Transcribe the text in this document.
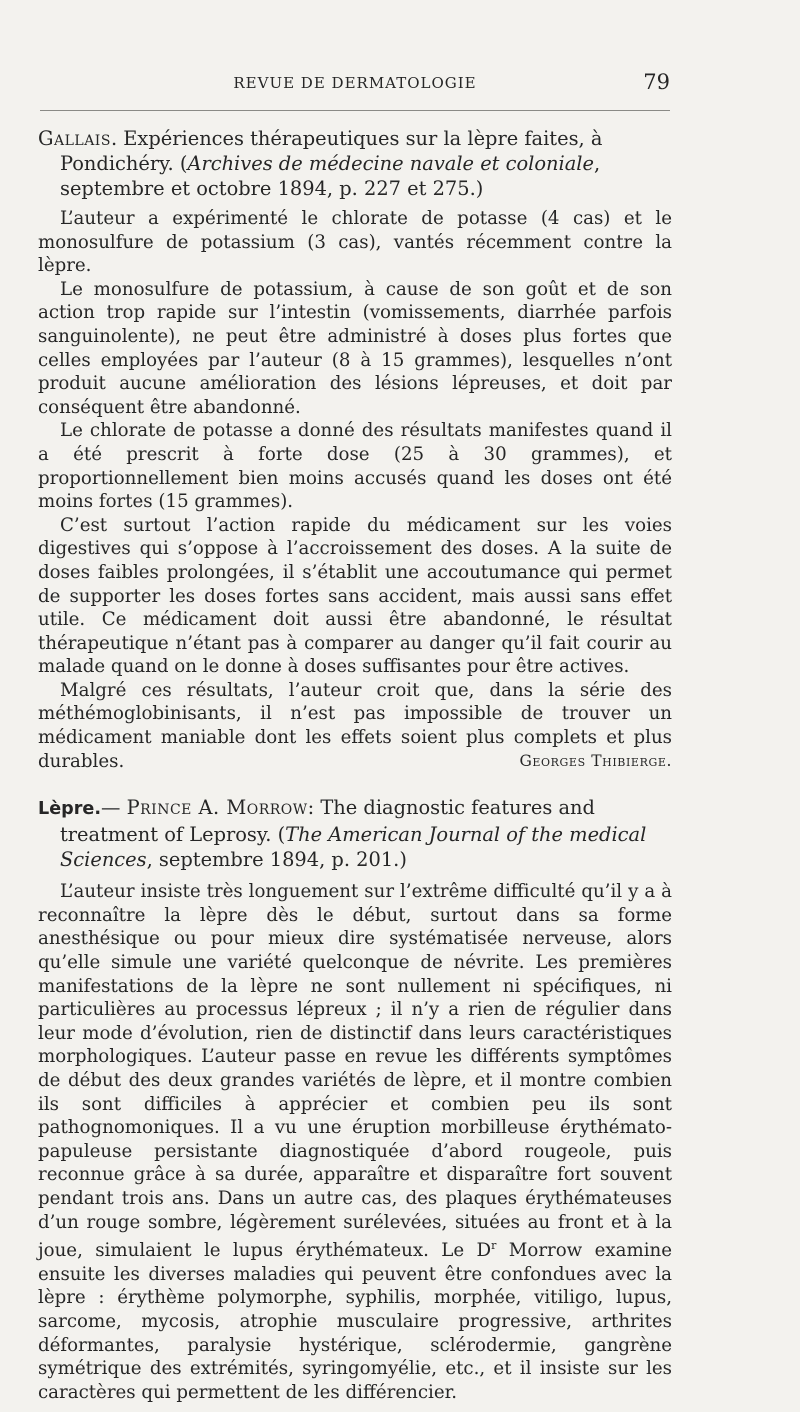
REVUE DE DERMATOLOGIE	79

Gallais. Expériences thérapeutiques sur la lèpre faites, à Pondichéry. (Archives de médecine navale et coloniale, septembre et octobre 1894, p. 227 et 275.)

L’auteur a expérimenté le chlorate de potasse (4 cas) et le monosulfure de potassium (3 cas), vantés récemment contre la lèpre.

Le monosulfure de potassium, à cause de son goût et de son action trop rapide sur l’intestin (vomissements, diarrhée parfois sanguinolente), ne peut être administré à doses plus fortes que celles employées par l’auteur (8 à 15 grammes), lesquelles n’ont produit aucune amélioration des lésions lépreuses, et doit par conséquent être abandonné.

Le chlorate de potasse a donné des résultats manifestes quand il a été prescrit à forte dose (25 à 30 grammes), et proportionnellement bien moins accusés quand les doses ont été moins fortes (15 grammes).

C’est surtout l’action rapide du médicament sur les voies digestives qui s’oppose à l’accroissement des doses. A la suite de doses faibles prolongées, il s’établit une accoutumance qui permet de supporter les doses fortes sans accident, mais aussi sans effet utile. Ce médicament doit aussi être abandonné, le résultat thérapeutique n’étant pas à comparer au danger qu’il fait courir au malade quand on le donne à doses suffisantes pour être actives.

Malgré ces résultats, l’auteur croit que, dans la série des méthémoglobinisants, il n’est pas impossible de trouver un médicament maniable dont les effets soient plus complets et plus durables.	Georges Thibierge.

Lèpre.— Prince A. Morrow: The diagnostic features and treatment of Leprosy. (The American Journal of the medical Sciences, septembre 1894, p. 201.)

L’auteur insiste très longuement sur l’extrême difficulté qu’il y a à reconnaître la lèpre dès le début, surtout dans sa forme anesthésique ou pour mieux dire systématisée nerveuse, alors qu’elle simule une variété quelconque de névrite. Les premières manifestations de la lèpre ne sont nullement ni spécifiques, ni particulières au processus lépreux ; il n’y a rien de régulier dans leur mode d’évolution, rien de distinctif dans leurs caractéristiques morphologiques. L’auteur passe en revue les différents symptômes de début des deux grandes variétés de lèpre, et il montre combien ils sont difficiles à apprécier et combien peu ils sont pathognomoniques. Il a vu une éruption morbilleuse érythémato-papuleuse persistante diagnostiquée d’abord rougeole, puis reconnue grâce à sa durée, apparaître et disparaître fort souvent pendant trois ans. Dans un autre cas, des plaques érythémateuses d’un rouge sombre, légèrement surélevées, situées au front et à la joue, simulaient le lupus érythémateux. Le $D^r$ Morrow examine ensuite les diverses maladies qui peuvent être confondues avec la lèpre : érythème polymorphe, syphilis, morphée, vitiligo, lupus, sarcome, mycosis, atrophie musculaire progressive, arthrites déformantes, paralysie hystérique, sclérodermie, gangrène symétrique des extrémités, syringomyélie, etc., et il insiste sur les caractères qui permettent de les différencier.
